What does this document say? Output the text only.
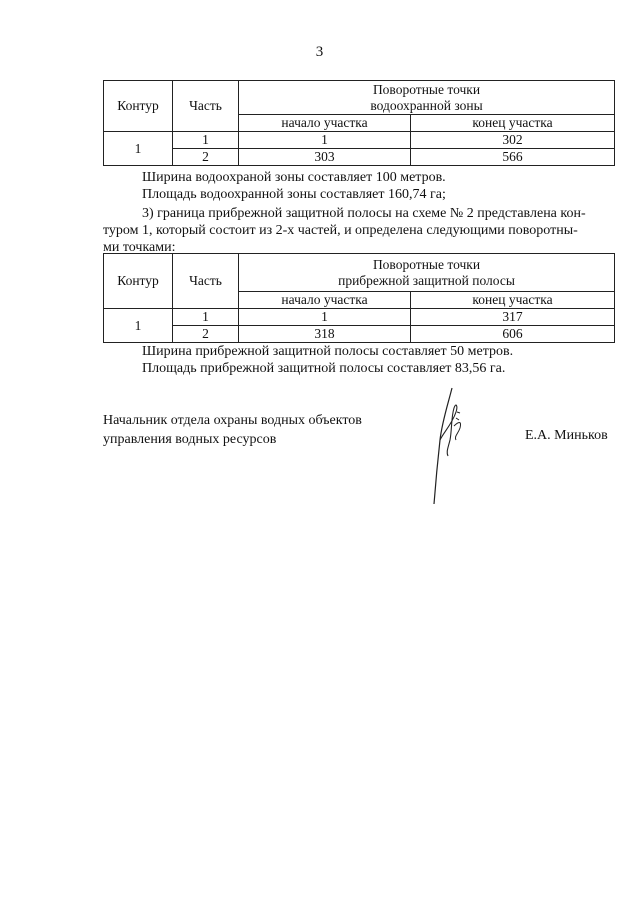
3
Контур	Часть	Поворотные точки
водоохранной зоны	

		начало участка	конец участка
1	1	1	302
	2	303	566
Ширина водоохраной зоны составляет 100 метров.
Площадь водоохранной зоны составляет 160,74 га;
3) граница прибрежной защитной полосы на схеме № 2 представлена кон-
туром 1, который состоит из 2-х частей, и определена следующими поворотны-
ми точками:
Контур	Часть	Поворотные точки
прибрежной защитной полосы	

		начало участка	конец участка
1	1	1	317
	2	318	606
Ширина прибрежной защитной полосы составляет 50 метров.
Площадь прибрежной защитной полосы составляет 83,56 га.
Начальник отдела охраны водных объектов
управления водных ресурсов	Е.А. Миньков
